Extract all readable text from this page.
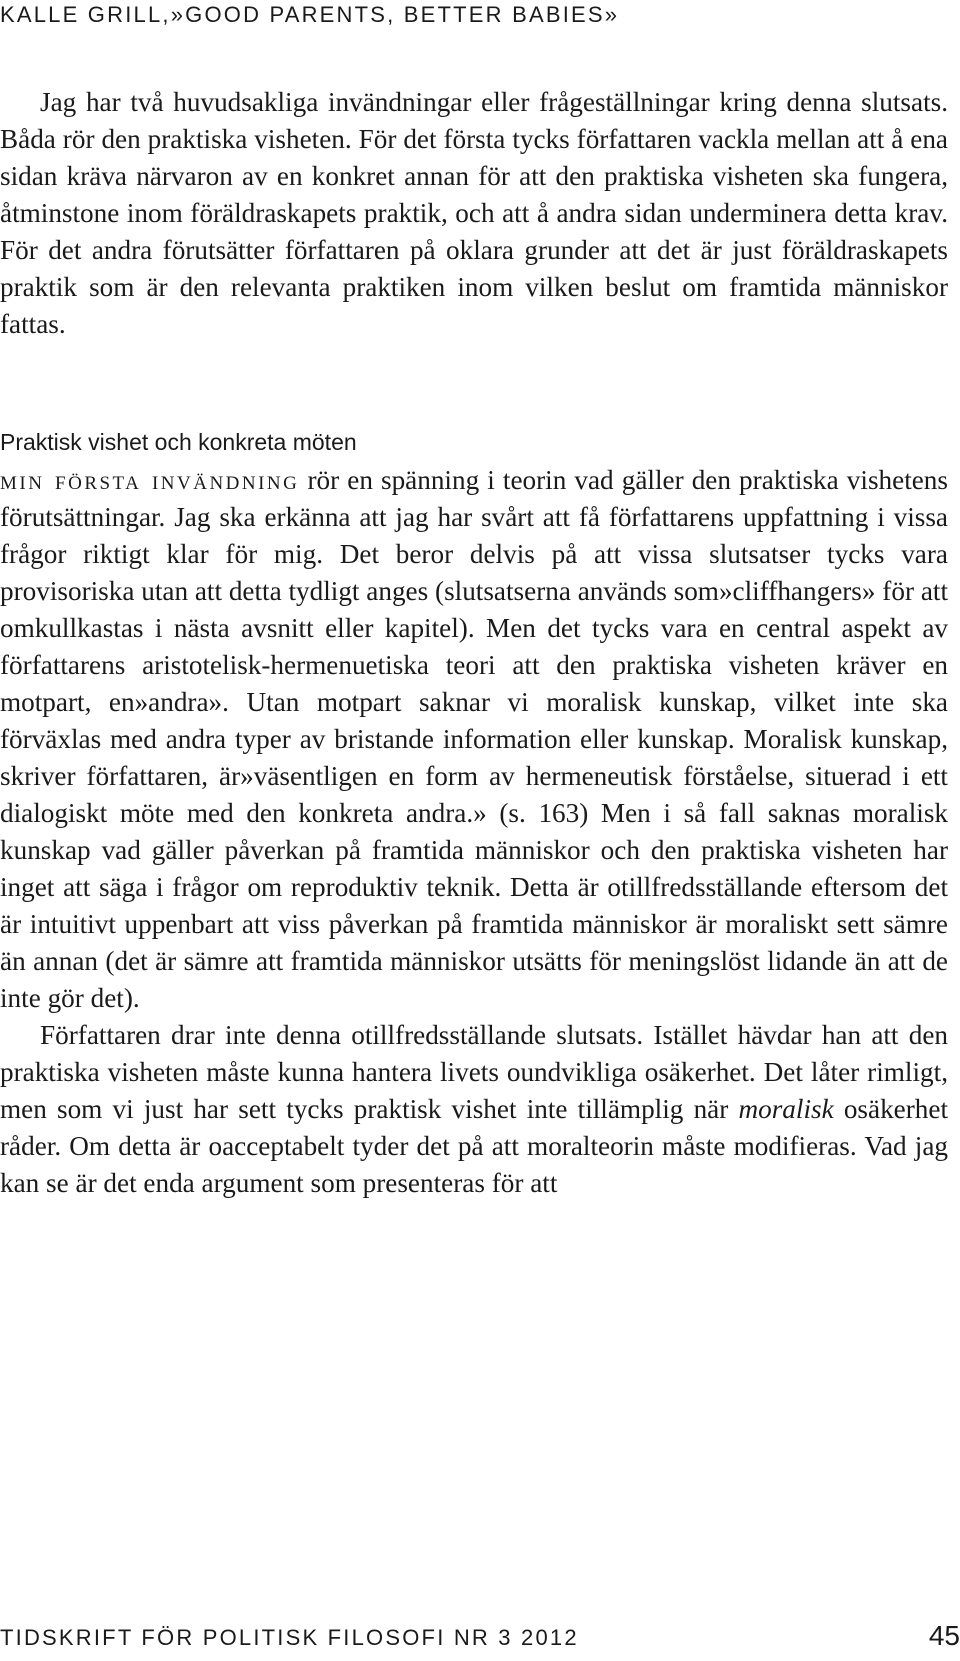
KALLE GRILL,»GOOD PARENTS, BETTER BABIES»

Jag har två huvudsakliga invändningar eller frågeställningar kring denna slutsats. Båda rör den praktiska visheten. För det första tycks författaren vackla mellan att å ena sidan kräva närvaron av en konkret annan för att den praktiska visheten ska fungera, åtminstone inom föräldraskapets praktik, och att å andra sidan underminera detta krav. För det andra förutsätter författaren på oklara grunder att det är just föräldraskapets praktik som är den relevanta praktiken inom vilken beslut om framtida människor fattas.

Praktisk vishet och konkreta möten

min första invändning rör en spänning i teorin vad gäller den praktiska vishetens förutsättningar. Jag ska erkänna att jag har svårt att få författarens uppfattning i vissa frågor riktigt klar för mig. Det beror delvis på att vissa slutsatser tycks vara provisoriska utan att detta tydligt anges (slutsatserna används som»cliffhangers» för att omkullkastas i nästa avsnitt eller kapitel). Men det tycks vara en central aspekt av författarens aristotelisk-hermenuetiska teori att den praktiska visheten kräver en motpart, en»andra». Utan motpart saknar vi moralisk kunskap, vilket inte ska förväxlas med andra typer av bristande information eller kunskap. Moralisk kunskap, skriver författaren, är»väsentligen en form av hermeneutisk förståelse, situerad i ett dialogiskt möte med den konkreta andra.» (s. 163) Men i så fall saknas moralisk kunskap vad gäller påverkan på framtida människor och den praktiska visheten har inget att säga i frågor om reproduktiv teknik. Detta är otillfredsställande eftersom det är intuitivt uppenbart att viss påverkan på framtida människor är moraliskt sett sämre än annan (det är sämre att framtida människor utsätts för meningslöst lidande än att de inte gör det).

Författaren drar inte denna otillfredsställande slutsats. Istället hävdar han att den praktiska visheten måste kunna hantera livets oundvikliga osäkerhet. Det låter rimligt, men som vi just har sett tycks praktisk vishet inte tillämplig när moralisk osäkerhet råder. Om detta är oacceptabelt tyder det på att moralteorin måste modifieras. Vad jag kan se är det enda argument som presenteras för att

TIDSKRIFT FÖR POLITISK FILOSOFI NR 3 2012	45
